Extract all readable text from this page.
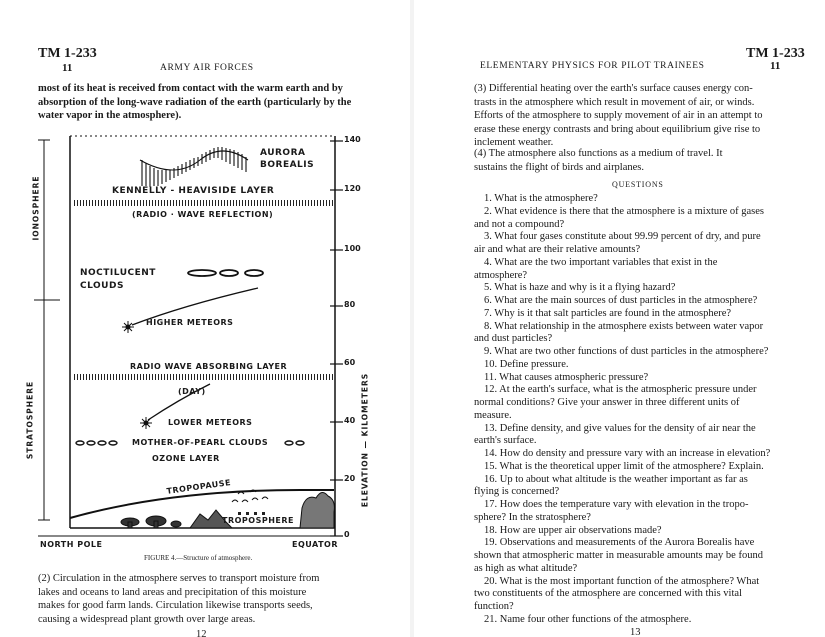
TM 1-233
11	ARMY AIR FORCES

most of its heat is received from contact with the warm earth and by

absorption of the long-wave radiation of the earth (particularly by the

water vapor in the atmosphere).

AURORA
BOREALIS
KENNELLY - HEAVISIDE LAYER
(RADIO · WAVE REFLECTION)
NOCTILUCENT
CLOUDS
HIGHER METEORS
RADIO WAVE ABSORBING LAYER
(DAY)
LOWER METEORS
MOTHER-OF-PEARL CLOUDS
OZONE LAYER
TROPOPAUSE
TROPOSPHERE
NORTH POLE	EQUATOR
IONOSPHERE
STRATOSPHERE	ELEVATION — KILOMETERS
140
120
100
80
60
40
20
0
FIGURE 4.—Structure of atmosphere.

(2) Circulation in the atmosphere serves to transport moisture from

lakes and oceans to land areas and precipitation of this moisture

makes for good farm lands. Circulation likewise transports seeds,

causing a widespread plant growth over large areas.

12
TM 1-233
11
ELEMENTARY PHYSICS FOR PILOT TRAINEES

(3) Differential heating over the earth's surface causes energy con-

trasts in the atmosphere which result in movement of air, or winds.

Efforts of the atmosphere to supply movement of air in an attempt to

erase these energy contrasts and bring about equilibrium give rise to

inclement weather.

(4) The atmosphere also functions as a medium of travel. It

sustains the flight of birds and airplanes.

QUESTIONS
1. What is the atmosphere?
2. What evidence is there that the atmosphere is a mixture of gases
and not a compound?
3. What four gases constitute about 99.99 percent of dry, and pure
air and what are their relative amounts?
4. What are the two important variables that exist in the
atmosphere?
5. What is haze and why is it a flying hazard?
6. What are the main sources of dust particles in the atmosphere?
7. Why is it that salt particles are found in the atmosphere?
8. What relationship in the atmosphere exists between water vapor
and dust particles?
9. What are two other functions of dust particles in the atmosphere?
10. Define pressure.
11. What causes atmospheric pressure?
12. At the earth's surface, what is the atmospheric pressure under
normal conditions? Give your answer in three different units of
measure.
13. Define density, and give values for the density of air near the
earth's surface.
14. How do density and pressure vary with an increase in elevation?
15. What is the theoretical upper limit of the atmosphere? Explain.
16. Up to about what altitude is the weather important as far as
flying is concerned?
17. How does the temperature vary with elevation in the tropo-
sphere? In the stratosphere?
18. How are upper air observations made?
19. Observations and measurements of the Aurora Borealis have
shown that atmospheric matter in measurable amounts may be found
as high as what altitude?
20. What is the most important function of the atmosphere? What
two constituents of the atmosphere are concerned with this vital
function?
21. Name four other functions of the atmosphere.
13
